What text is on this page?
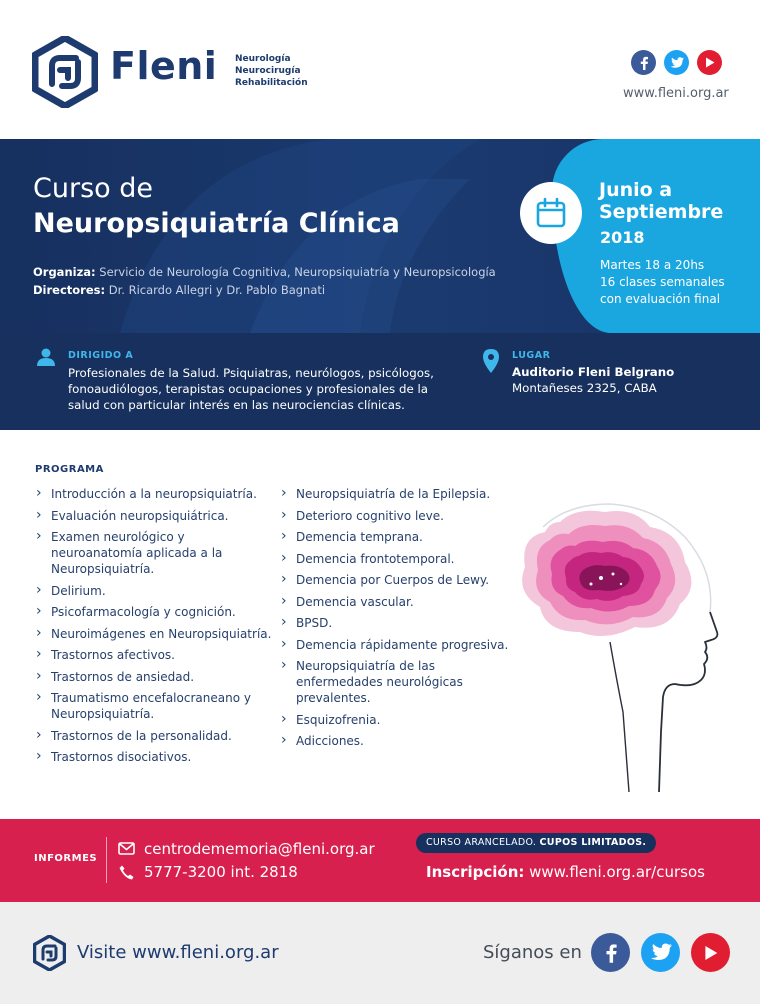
Fleni Neurología
Neurocirugía
Rehabilitación
www.fleni.org.ar
Curso de
Neuropsiquiatría Clínica
Organiza: Servicio de Neurología Cognitiva, Neuropsiquiatría y Neuropsicología
Directores: Dr. Ricardo Allegri y Dr. Pablo Bagnati
Junio a
Septiembre
2018
Martes 18 a 20hs
16 clases semanales
con evaluación final
DIRIGIDO A
Profesionales de la Salud. Psiquiatras, neurólogos, psicólogos, fonoaudiólogos, terapistas ocupaciones y profesionales de la salud con particular interés en las neurociencias clínicas.
LUGAR
Auditorio Fleni Belgrano
Montañeses 2325, CABA
PROGRAMA
› Introducción a la neuropsiquiatría.
› Evaluación neuropsiquiátrica.
› Examen neurológico y neuroanatomía aplicada a la Neuropsiquiatría.
› Delirium.
› Psicofarmacología y cognición.
› Neuroimágenes en Neuropsiquiatría.
› Trastornos afectivos.
› Trastornos de ansiedad.
› Traumatismo encefalocraneano y Neuropsiquiatría.
› Trastornos de la personalidad.
› Trastornos disociativos.
› Neuropsiquiatría de la Epilepsia.
› Deterioro cognitivo leve.
› Demencia temprana.
› Demencia frontotemporal.
› Demencia por Cuerpos de Lewy.
› Demencia vascular.
› BPSD.
› Demencia rápidamente progresiva.
› Neuropsiquiatría de las enfermedades neurológicas prevalentes.
› Esquizofrenia.
› Adicciones.
INFORMES
centrodememoria@fleni.org.ar
5777-3200 int. 2818
CURSO ARANCELADO. CUPOS LIMITADOS.
Inscripción: www.fleni.org.ar/cursos
Visite www.fleni.org.ar	Síganos en
